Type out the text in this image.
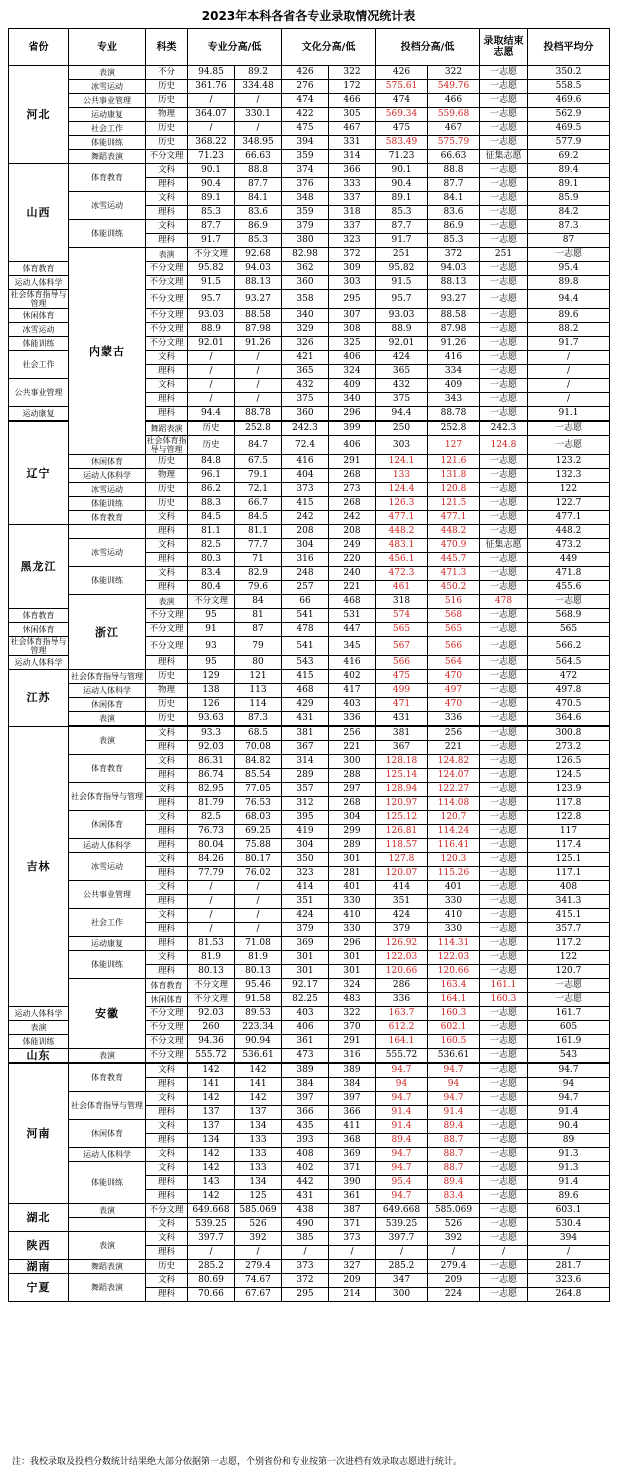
2023年本科各省各专业录取情况统计表
省份	专业	科类	专业分高/低		文化分高/低		投档分高/低		录取结束志愿	投档平均分	
河北	表演	不分	94.85	89.2	426	322	426	322	一志愿	350.2	
	冰雪运动	历史	361.76	334.48	276	172	575.61	549.76	一志愿	558.5	
	公共事业管理	历史	/	/	474	466	474	466	一志愿	469.6	
	运动康复	物理	364.07	330.1	422	305	569.34	559.68	一志愿	562.9	
	社会工作	历史	/	/	475	467	475	467	一志愿	469.5	
	体能训练	历史	368.22	348.95	394	331	583.49	575.79	一志愿	577.9	
	舞蹈表演	不分文理	71.23	66.63	359	314	71.23	66.63	征集志愿	69.2	
山西	体育教育	文科	90.1	88.8	374	366	90.1	88.8	一志愿	89.4	
		理科	90.4	87.7	376	333	90.4	87.7	一志愿	89.1	
	冰雪运动	文科	89.1	84.1	348	337	89.1	84.1	一志愿	85.9	
		理科	85.3	83.6	359	318	85.3	83.6	一志愿	84.2	
	体能训练	文科	87.7	86.9	379	337	87.7	86.9	一志愿	87.3	
		理科	91.7	85.3	380	323	91.7	85.3	一志愿	87	
	内蒙古	表演	不分文理	92.68	82.98	372	251	372	251	一志愿	
体育教育		不分文理	95.82	94.03	362	309	95.82	94.03	一志愿	95.4	
运动人体科学		不分文理	91.5	88.13	360	303	91.5	88.13	一志愿	89.8	
社会体育指导与管理		不分文理	95.7	93.27	358	295	95.7	93.27	一志愿	94.4	
休闲体育		不分文理	93.03	88.58	340	307	93.03	88.58	一志愿	89.6	
冰雪运动		不分文理	88.9	87.98	329	308	88.9	87.98	一志愿	88.2	
体能训练		不分文理	92.01	91.26	326	325	92.01	91.26	一志愿	91.7	
社会工作		文科	/	/	421	406	424	416	一志愿	/	
		理科	/	/	365	324	365	334	一志愿	/	
公共事业管理		文科	/	/	432	409	432	409	一志愿	/	
		理科	/	/	375	340	375	343	一志愿	/	
运动康复		理科	94.4	88.78	360	296	94.4	88.78	一志愿	91.1	
辽宁		舞蹈表演	历史	252.8	242.3	399	250	252.8	242.3	一志愿	
		社会体育指导与管理	历史	84.7	72.4	406	303	127	124.8	一志愿	
	休闲体育	历史	84.8	67.5	416	291	124.1	121.6	一志愿	123.2	
	运动人体科学	物理	96.1	79.1	404	268	133	131.8	一志愿	132.3	
	冰雪运动	历史	86.2	72.1	373	273	124.4	120.8	一志愿	122	
	体能训练	历史	88.3	66.7	415	268	126.3	121.5	一志愿	122.7	
	体育教育	文科	84.5	84.5	242	242	477.1	477.1	一志愿	477.1	
黑龙江		理科	81.1	81.1	208	208	448.2	448.2	一志愿	448.2	
	冰雪运动	文科	82.5	77.7	304	249	483.1	470.9	征集志愿	473.2	
		理科	80.3	71	316	220	456.1	445.7	一志愿	449	
	体能训练	文科	83.4	82.9	248	240	472.3	471.3	一志愿	471.8	
		理科	80.4	79.6	257	221	461	450.2	一志愿	455.6	
	浙江	表演	不分文理	84	66	468	318	516	478	一志愿	
体育教育		不分文理	95	81	541	531	574	568	一志愿	568.9	
休闲体育		不分文理	91	87	478	447	565	565	一志愿	565	
社会体育指导与管理		不分文理	93	79	541	345	567	566	一志愿	566.2	
运动人体科学		理科	95	80	543	416	566	564	一志愿	564.5	
江苏	社会体育指导与管理	历史	129	121	415	402	475	470	一志愿	472	
	运动人体科学	物理	138	113	468	417	499	497	一志愿	497.8	
	休闲体育	历史	126	114	429	403	471	470	一志愿	470.5	
	表演	历史	93.63	87.3	431	336	431	336	一志愿	364.6	
吉林	表演	文科	93.3	68.5	381	256	381	256	一志愿	300.8	
		理科	92.03	70.08	367	221	367	221	一志愿	273.2	
	体育教育	文科	86.31	84.82	314	300	128.18	124.82	一志愿	126.5	
		理科	86.74	85.54	289	288	125.14	124.07	一志愿	124.5	
	社会体育指导与管理	文科	82.95	77.05	357	297	128.94	122.27	一志愿	123.9	
		理科	81.79	76.53	312	268	120.97	114.08	一志愿	117.8	
	休闲体育	文科	82.5	68.03	395	304	125.12	120.7	一志愿	122.8	
		理科	76.73	69.25	419	299	126.81	114.24	一志愿	117	
	运动人体科学	理科	80.04	75.88	304	289	118.57	116.41	一志愿	117.4	
	冰雪运动	文科	84.26	80.17	350	301	127.8	120.3	一志愿	125.1	
		理科	77.79	76.02	323	281	120.07	115.26	一志愿	117.1	
	公共事业管理	文科	/	/	414	401	414	401	一志愿	408	
		理科	/	/	351	330	351	330	一志愿	341.3	
	社会工作	文科	/	/	424	410	424	410	一志愿	415.1	
		理科	/	/	379	330	379	330	一志愿	357.7	
	运动康复	理科	81.53	71.08	369	296	126.92	114.31	一志愿	117.2	
	体能训练	文科	81.9	81.9	301	301	122.03	122.03	一志愿	122	
		理科	80.13	80.13	301	301	120.66	120.66	一志愿	120.7	
	安徽	体育教育	不分文理	95.46	92.17	324	286	163.4	161.1	一志愿	
		休闲体育	不分文理	91.58	82.25	483	336	164.1	160.3	一志愿	
运动人体科学		不分文理	92.03	89.53	403	322	163.7	160.3	一志愿	161.7	
表演		不分文理	260	223.34	406	370	612.2	602.1	一志愿	605	
体能训练		不分文理	94.36	90.94	361	291	164.1	160.5	一志愿	161.9	
山东	表演	不分文理	555.72	536.61	473	316	555.72	536.61	一志愿	543	
河南	体育教育	文科	142	142	389	389	94.7	94.7	一志愿	94.7	
		理科	141	141	384	384	94	94	一志愿	94	
	社会体育指导与管理	文科	142	142	397	397	94.7	94.7	一志愿	94.7	
		理科	137	137	366	366	91.4	91.4	一志愿	91.4	
	休闲体育	文科	137	134	435	411	91.4	89.4	一志愿	90.4	
		理科	134	133	393	368	89.4	88.7	一志愿	89	
	运动人体科学	文科	142	133	408	369	94.7	88.7	一志愿	91.3	
	体能训练	文科	142	133	402	371	94.7	88.7	一志愿	91.3	
		理科	143	134	442	390	95.4	89.4	一志愿	91.4	
		理科	142	125	431	361	94.7	83.4	一志愿	89.6	
湖北	表演	不分文理	649.668	585.069	438	387	649.668	585.069	一志愿	603.1	
		文科	539.25	526	490	371	539.25	526	一志愿	530.4	
陕西	表演	文科	397.7	392	385	373	397.7	392	一志愿	394	
		理科	/	/	/	/	/	/	/	/	
湖南	舞蹈表演	历史	285.2	279.4	373	327	285.2	279.4	一志愿	281.7	
宁夏	舞蹈表演	文科	80.69	74.67	372	209	347	209	一志愿	323.6	
		理科	70.66	67.67	295	214	300	224	一志愿	264.8	
注：我校录取及投档分数统计结果绝大部分依据第一志愿，个别省份和专业按第一次进档有效录取志愿进行统计。
